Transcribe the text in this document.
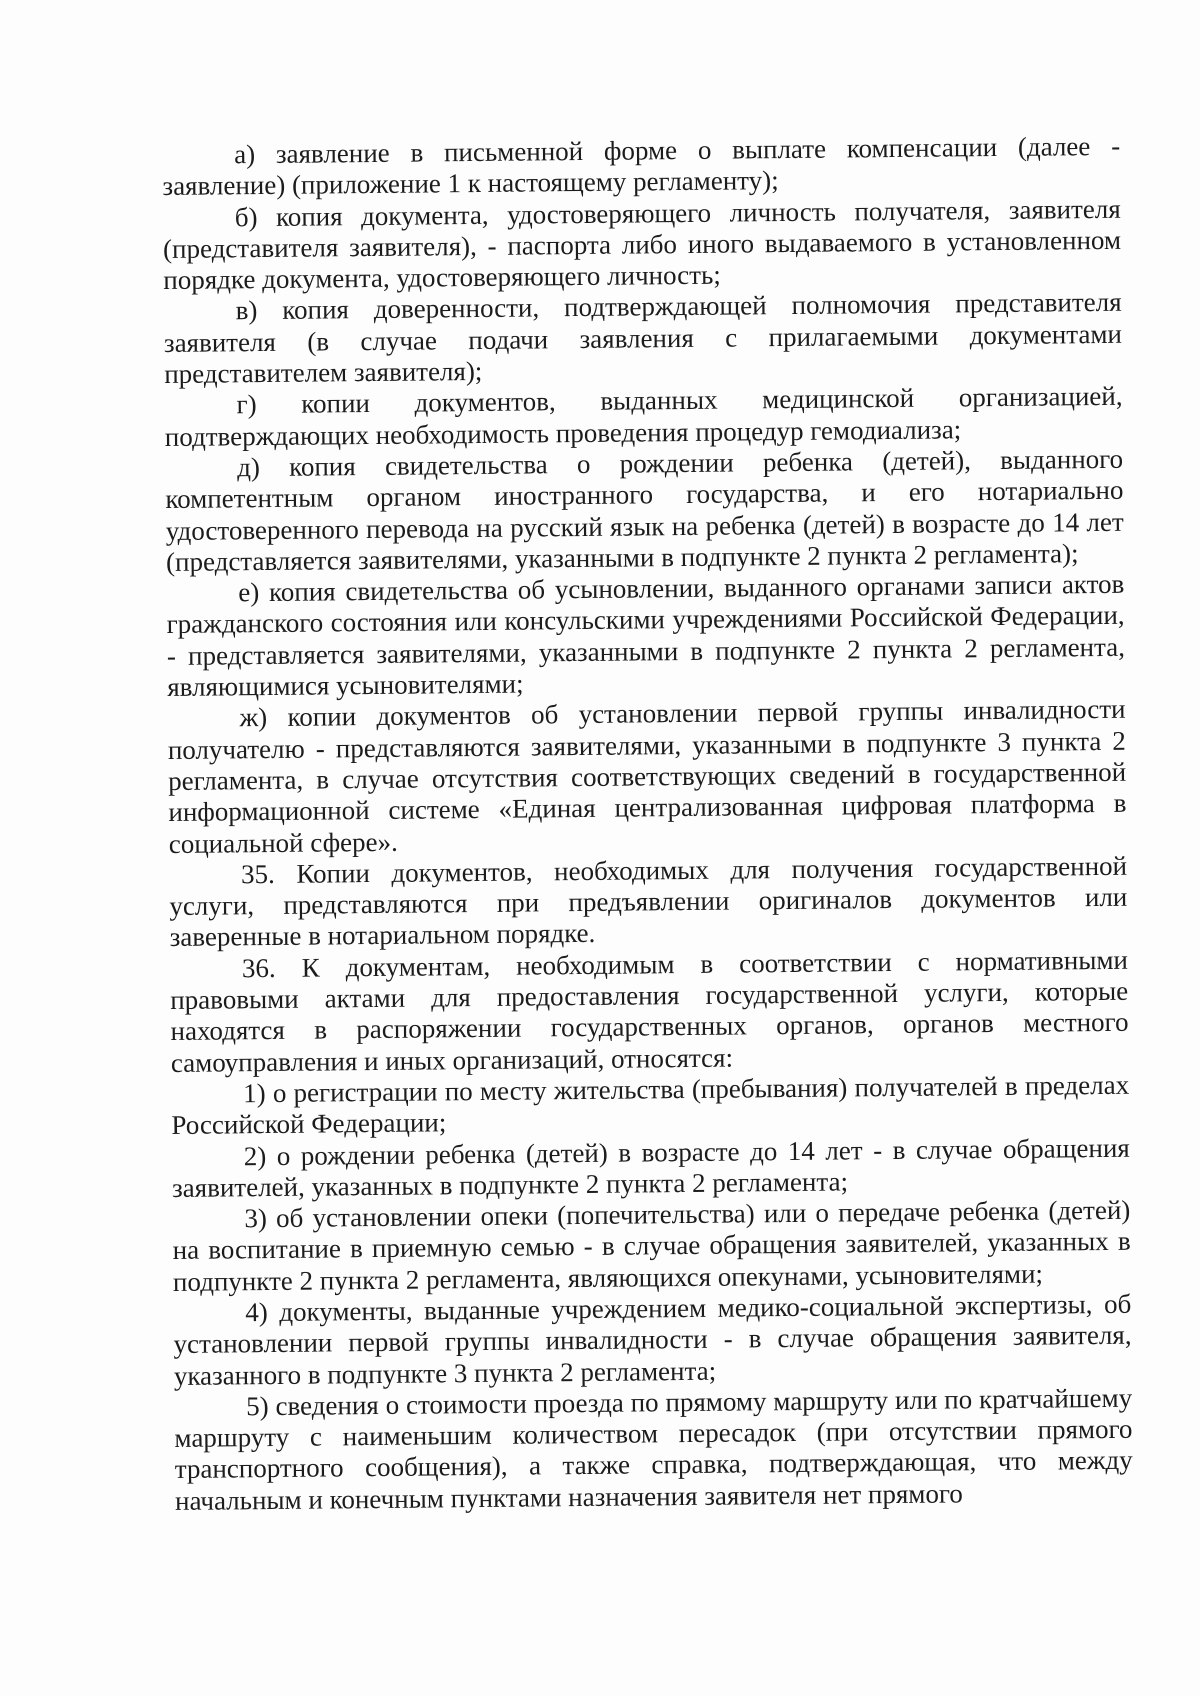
а) заявление в письменной форме о выплате компенсации (далее - заявление) (приложение 1 к настоящему регламенту);

б) копия документа, удостоверяющего личность получателя, заявителя (представителя заявителя), - паспорта либо иного выдаваемого в установленном порядке документа, удостоверяющего личность;

в) копия доверенности, подтверждающей полномочия представителя заявителя (в случае подачи заявления с прилагаемыми документами представителем заявителя);

г) копии документов, выданных медицинской организацией, подтверждающих необходимость проведения процедур гемодиализа;

д) копия свидетельства о рождении ребенка (детей), выданного компетентным органом иностранного государства, и его нотариально удостоверенного перевода на русский язык на ребенка (детей) в возрасте до 14 лет (представляется заявителями, указанными в подпункте 2 пункта 2 регламента);

е) копия свидетельства об усыновлении, выданного органами записи актов гражданского состояния или консульскими учреждениями Российской Федерации, - представляется заявителями, указанными в подпункте 2 пункта 2 регламента, являющимися усыновителями;

ж) копии документов об установлении первой группы инвалидности получателю - представляются заявителями, указанными в подпункте 3 пункта 2 регламента, в случае отсутствия соответствующих сведений в государственной информационной системе «Единая централизованная цифровая платформа в социальной сфере».

35. Копии документов, необходимых для получения государственной услуги, представляются при предъявлении оригиналов документов или заверенные в нотариальном порядке.

36. К документам, необходимым в соответствии с нормативными правовыми актами для предоставления государственной услуги, которые находятся в распоряжении государственных органов, органов местного самоуправления и иных организаций, относятся:

1) о регистрации по месту жительства (пребывания) получателей в пределах Российской Федерации;

2) о рождении ребенка (детей) в возрасте до 14 лет - в случае обращения заявителей, указанных в подпункте 2 пункта 2 регламента;

3) об установлении опеки (попечительства) или о передаче ребенка (детей) на воспитание в приемную семью - в случае обращения заявителей, указанных в подпункте 2 пункта 2 регламента, являющихся опекунами, усыновителями;

4) документы, выданные учреждением медико-социальной экспертизы, об установлении первой группы инвалидности - в случае обращения заявителя, указанного в подпункте 3 пункта 2 регламента;

5) сведения о стоимости проезда по прямому маршруту или по кратчайшему маршруту с наименьшим количеством пересадок (при отсутствии прямого транспортного сообщения), а также справка, подтверждающая, что между начальным и конечным пунктами назначения заявителя нет прямого
